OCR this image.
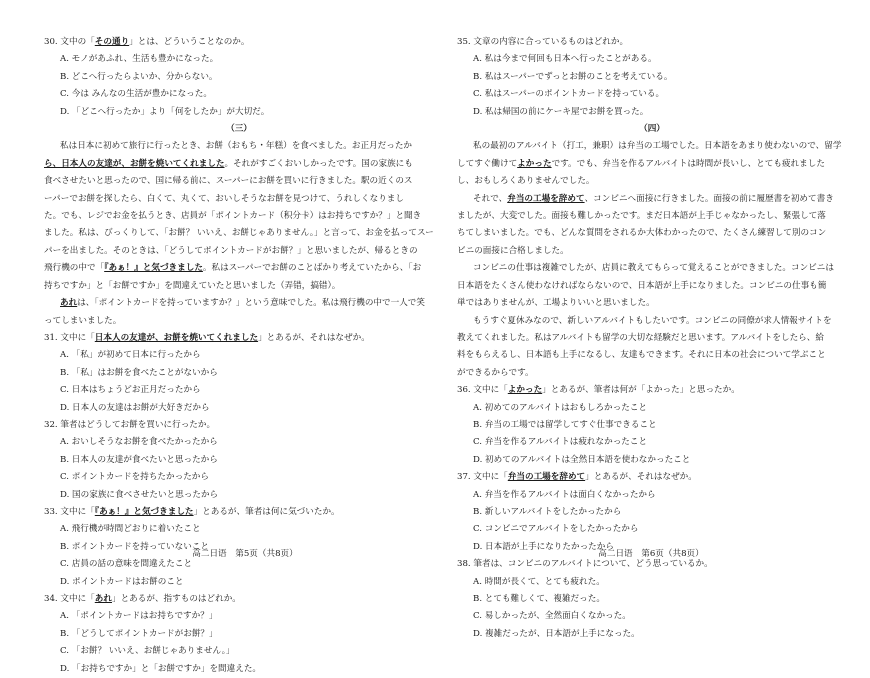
30. 文中の「その通り」とは、どういうことなのか。
A. モノがあふれ、生活も豊かになった。
B. どこへ行ったらよいか、分からない。
C. 今は みんなの生活が豊かになった。
D. 「どこへ行ったか」より「何をしたか」が大切だ。
（三）
私は日本に初めて旅行に行ったとき、お餅（おもち・年糕）を食べました。お正月だったか
ら、日本人の友達が、お餅を焼いてくれました。それがすごくおいしかったです。国の家族にも
食べさせたいと思ったので、国に帰る前に、スーパーにお餅を買いに行きました。駅の近くのス
ーパーでお餅を探したら、白くて、丸くて、おいしそうなお餅を見つけて、うれしくなりまし
た。でも、レジでお金を払うとき、店員が「ポイントカード（积分卡）はお持ちですか？」と聞き
ました。私は、びっくりして、「お餅？ いいえ、お餅じゃありません。」と言って、お金を払ってスー
パーを出ました。そのときは、「どうしてポイントカードがお餅？」と思いましたが、帰るときの
飛行機の中で「『あぁ！』と気づきました。私はスーパーでお餅のことばかり考えていたから、「お
持ちですか」と「お餅ですか」を間違えていたと思いました（弄错，搞错）。
あれは、「ポイントカードを持っていますか？」という意味でした。私は飛行機の中で一人で笑
ってしまいました。
31. 文中に「日本人の友達が、お餅を焼いてくれました」とあるが、それはなぜか。
A. 「私」が初めて日本に行ったから
B. 「私」はお餅を食べたことがないから
C. 日本はちょうどお正月だったから
D. 日本人の友達はお餅が大好きだから
32. 筆者はどうしてお餅を買いに行ったか。
A. おいしそうなお餅を食べたかったから
B. 日本人の友達が食べたいと思ったから
C. ポイントカードを持ちたかったから
D. 国の家族に食べさせたいと思ったから
33. 文中に「『あぁ！』と気づきました」とあるが、筆者は何に気づいたか。
A. 飛行機が時間どおりに着いたこと
B. ポイントカードを持っていないこと
C. 店員の話の意味を間違えたこと
D. ポイントカードはお餅のこと
34. 文中に「あれ」とあるが、指すものはどれか。
A. 「ポイントカードはお持ちですか？」
B. 「どうしてポイントカードがお餅？」
C. 「お餅？ いいえ、お餅じゃありません。」
D. 「お持ちですか」と「お餅ですか」を間違えた。
高二日语　第5页（共8页）
35. 文章の内容に合っているものはどれか。
A. 私は今まで何回も日本へ行ったことがある。
B. 私はスーパーでずっとお餅のことを考えている。
C. 私はスーパーのポイントカードを持っている。
D. 私は帰国の前にケーキ屋でお餅を買った。
（四）
私の最初のアルバイト（打工，兼职）は弁当の工場でした。日本語をあまり使わないので、留学
してすぐ働けてよかったです。でも、弁当を作るアルバイトは時間が長いし、とても疲れました
し、おもしろくありませんでした。
それで、弁当の工場を辞めて、コンビニへ面接に行きました。面接の前に履歴書を初めて書き
ましたが、大変でした。面接も難しかったです。まだ日本語が上手じゃなかったし、緊張して落
ちてしまいました。でも、どんな質問をされるか大体わかったので、たくさん練習して別のコン
ビニの面接に合格しました。
コンビニの仕事は複雑でしたが、店員に教えてもらって覚えることができました。コンビニは
日本語をたくさん使わなければならないので、日本語が上手になりました。コンビニの仕事も簡
単ではありませんが、工場よりいいと思いました。
もうすぐ夏休みなので、新しいアルバイトもしたいです。コンビニの同僚が求人情報サイトを
教えてくれました。私はアルバイトも留学の大切な経験だと思います。アルバイトをしたら、給
料をもらえるし、日本語も上手になるし、友達もできます。それに日本の社会について学ぶこと
ができるからです。
36. 文中に「よかった」とあるが、筆者は何が「よかった」と思ったか。
A. 初めてのアルバイトはおもしろかったこと
B. 弁当の工場では留学してすぐ仕事できること
C. 弁当を作るアルバイトは疲れなかったこと
D. 初めてのアルバイトは全然日本語を使わなかったこと
37. 文中に「弁当の工場を辞めて」とあるが、それはなぜか。
A. 弁当を作るアルバイトは面白くなかったから
B. 新しいアルバイトをしたかったから
C. コンビニでアルバイトをしたかったから
D. 日本語が上手になりたかったから
38. 筆者は、コンビニのアルバイトについて、どう思っているか。
A. 時間が長くて、とても疲れた。
B. とても難しくて、複雑だった。
C. 易しかったが、全然面白くなかった。
D. 複雑だったが、日本語が上手になった。
高二日语　第6页（共8页）
